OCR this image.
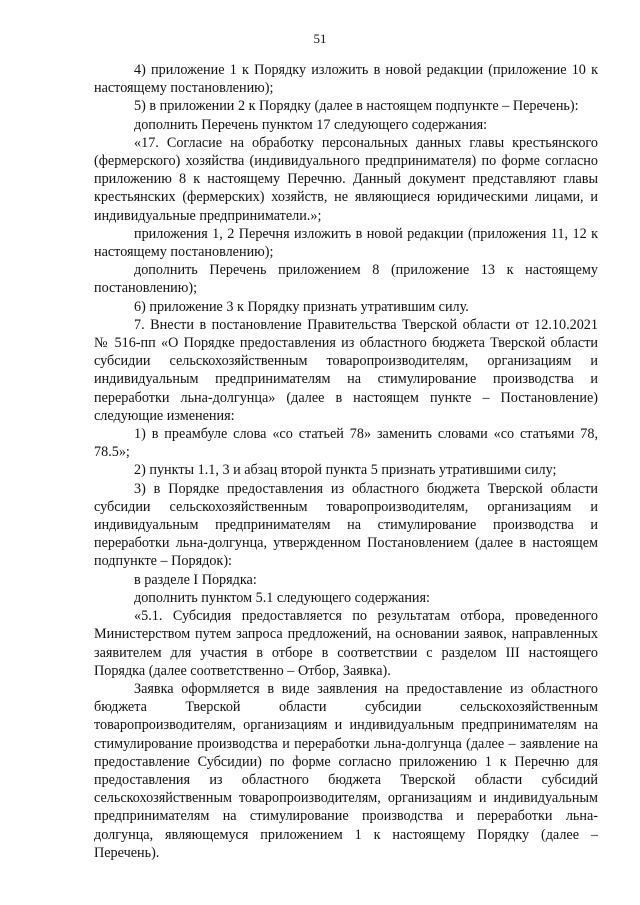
51

4) приложение 1 к Порядку изложить в новой редакции (приложение 10 к настоящему постановлению);

5) в приложении 2 к Порядку (далее в настоящем подпункте – Перечень):

дополнить Перечень пунктом 17 следующего содержания:

«17. Согласие на обработку персональных данных главы крестьянского (фермерского) хозяйства (индивидуального предпринимателя) по форме согласно приложению 8 к настоящему Перечню. Данный документ представляют главы крестьянских (фермерских) хозяйств, не являющиеся юридическими лицами, и индивидуальные предприниматели.»;

приложения 1, 2 Перечня изложить в новой редакции (приложения 11, 12 к настоящему постановлению);

дополнить Перечень приложением 8 (приложение 13 к настоящему постановлению);

6) приложение 3 к Порядку признать утратившим силу.

7. Внести в постановление Правительства Тверской области от 12.10.2021 № 516-пп «О Порядке предоставления из областного бюджета Тверской области субсидии сельскохозяйственным товаропроизводителям, организациям и индивидуальным предпринимателям на стимулирование производства и переработки льна-долгунца» (далее в настоящем пункте – Постановление) следующие изменения:

1) в преамбуле слова «со статьей 78» заменить словами «со статьями 78, 78.5»;

2) пункты 1.1, 3 и абзац второй пункта 5 признать утратившими силу;

3) в Порядке предоставления из областного бюджета Тверской области субсидии сельскохозяйственным товаропроизводителям, организациям и индивидуальным предпринимателям на стимулирование производства и переработки льна-долгунца, утвержденном Постановлением (далее в настоящем подпункте – Порядок):

в разделе I Порядка:

дополнить пунктом 5.1 следующего содержания:

«5.1. Субсидия предоставляется по результатам отбора, проведенного Министерством путем запроса предложений, на основании заявок, направленных заявителем для участия в отборе в соответствии с разделом III настоящего Порядка (далее соответственно – Отбор, Заявка).

Заявка оформляется в виде заявления на предоставление из областного бюджета Тверской области субсидии сельскохозяйственным товаропроизводителям, организациям и индивидуальным предпринимателям на стимулирование производства и переработки льна-долгунца (далее – заявление на предоставление Субсидии) по форме согласно приложению 1 к Перечню для предоставления из областного бюджета Тверской области субсидий сельскохозяйственным товаропроизводителям, организациям и индивидуальным предпринимателям на стимулирование производства и переработки льна-долгунца, являющемуся приложением 1 к настоящему Порядку (далее – Перечень).
